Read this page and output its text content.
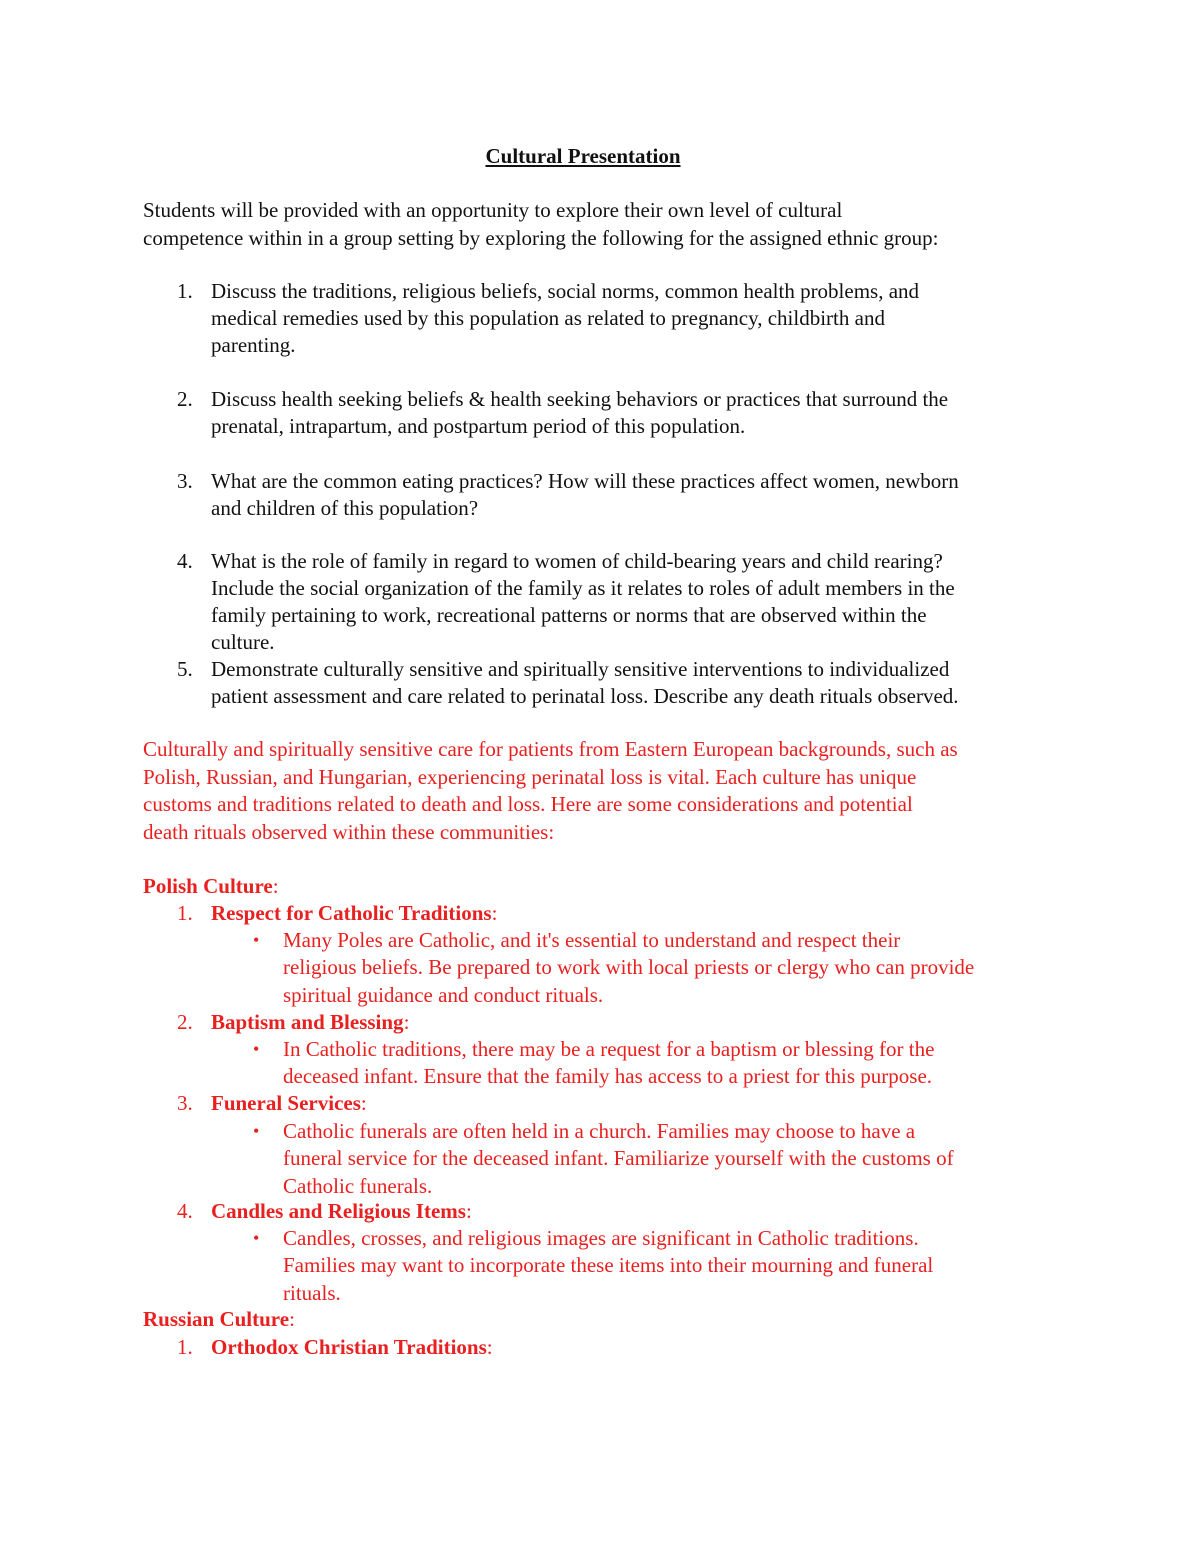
Cultural Presentation
Students will be provided with an opportunity to explore their own level of cultural
competence within in a group setting by exploring the following for the assigned ethnic group:
1. Discuss the traditions, religious beliefs, social norms, common health problems, and
medical remedies used by this population as related to pregnancy, childbirth and
parenting.
2. Discuss health seeking beliefs & health seeking behaviors or practices that surround the
prenatal, intrapartum, and postpartum period of this population.
3. What are the common eating practices? How will these practices affect women, newborn
and children of this population?
4. What is the role of family in regard to women of child-bearing years and child rearing?
Include the social organization of the family as it relates to roles of adult members in the
family pertaining to work, recreational patterns or norms that are observed within the
culture.
5. Demonstrate culturally sensitive and spiritually sensitive interventions to individualized
patient assessment and care related to perinatal loss. Describe any death rituals observed.
Culturally and spiritually sensitive care for patients from Eastern European backgrounds, such as
Polish, Russian, and Hungarian, experiencing perinatal loss is vital. Each culture has unique
customs and traditions related to death and loss. Here are some considerations and potential
death rituals observed within these communities:
Polish Culture:
1. Respect for Catholic Traditions:
• Many Poles are Catholic, and it's essential to understand and respect their
religious beliefs. Be prepared to work with local priests or clergy who can provide
spiritual guidance and conduct rituals.
2. Baptism and Blessing:
• In Catholic traditions, there may be a request for a baptism or blessing for the
deceased infant. Ensure that the family has access to a priest for this purpose.
3. Funeral Services:
• Catholic funerals are often held in a church. Families may choose to have a
funeral service for the deceased infant. Familiarize yourself with the customs of
Catholic funerals.
4. Candles and Religious Items:
• Candles, crosses, and religious images are significant in Catholic traditions.
Families may want to incorporate these items into their mourning and funeral
rituals.
Russian Culture:
1. Orthodox Christian Traditions:
